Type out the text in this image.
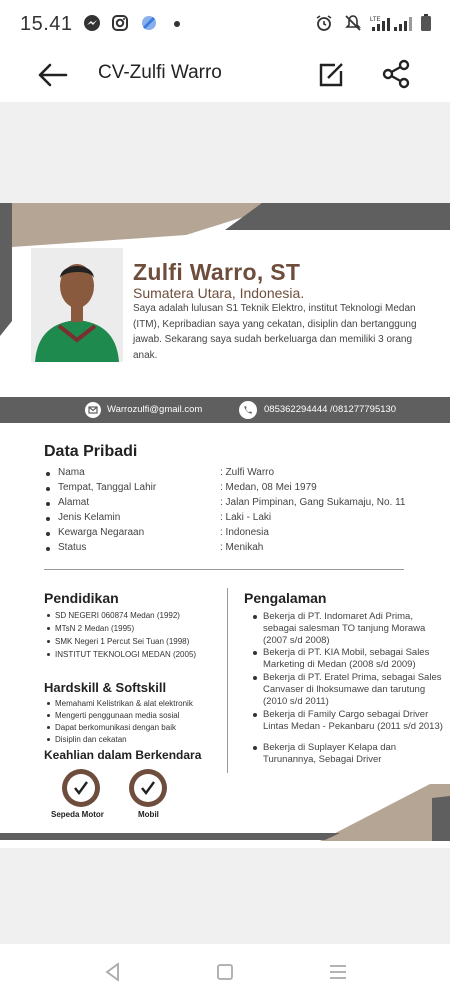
15.41	LTE
CV-Zulfi Warro
Zulfi Warro, ST
Sumatera Utara, Indonesia.
Saya adalah lulusan S1 Teknik Elektro, institut Teknologi Medan (ITM), Kepribadian saya yang cekatan, disiplin dan bertanggung jawab. Sekarang saya sudah berkeluarga dan memiliki 3 orang anak.
Warrozulfi@gmail.com	085362294444 /081277795130
Data Pribadi
Nama	: Zulfi Warro
Tempat, Tanggal Lahir	: Medan, 08 Mei 1979
Alamat	: Jalan Pimpinan, Gang Sukamaju, No. 11
Jenis Kelamin	: Laki - Laki
Kewarga Negaraan	: Indonesia
Status	: Menikah
Pendidikan
SD NEGERI 060874 Medan (1992)
MTsN 2 Medan (1995)
SMK Negeri 1 Percut Sei Tuan (1998)
INSTITUT TEKNOLOGI MEDAN (2005)
Hardskill & Softskill
Memahami Kelistrikan & alat elektronik
Mengerti penggunaan media sosial
Dapat berkomunikasi dengan baik
Disiplin dan cekatan
Keahlian dalam Berkendara
Sepeda Motor	Mobil
Pengalaman
Bekerja di PT. Indomaret Adi Prima, sebagai salesman TO tanjung Morawa (2007 s/d 2008)
Bekerja di PT. KIA Mobil, sebagai Sales Marketing di Medan (2008 s/d 2009)
Bekerja di PT. Eratel Prima, sebagai Sales Canvaser di lhoksumawe dan tarutung (2010 s/d 2011)
Bekerja di Family Cargo sebagai Driver Lintas Medan - Pekanbaru (2011 s/d 2013)
Bekerja di Suplayer Kelapa dan Turunannya, Sebagai Driver
